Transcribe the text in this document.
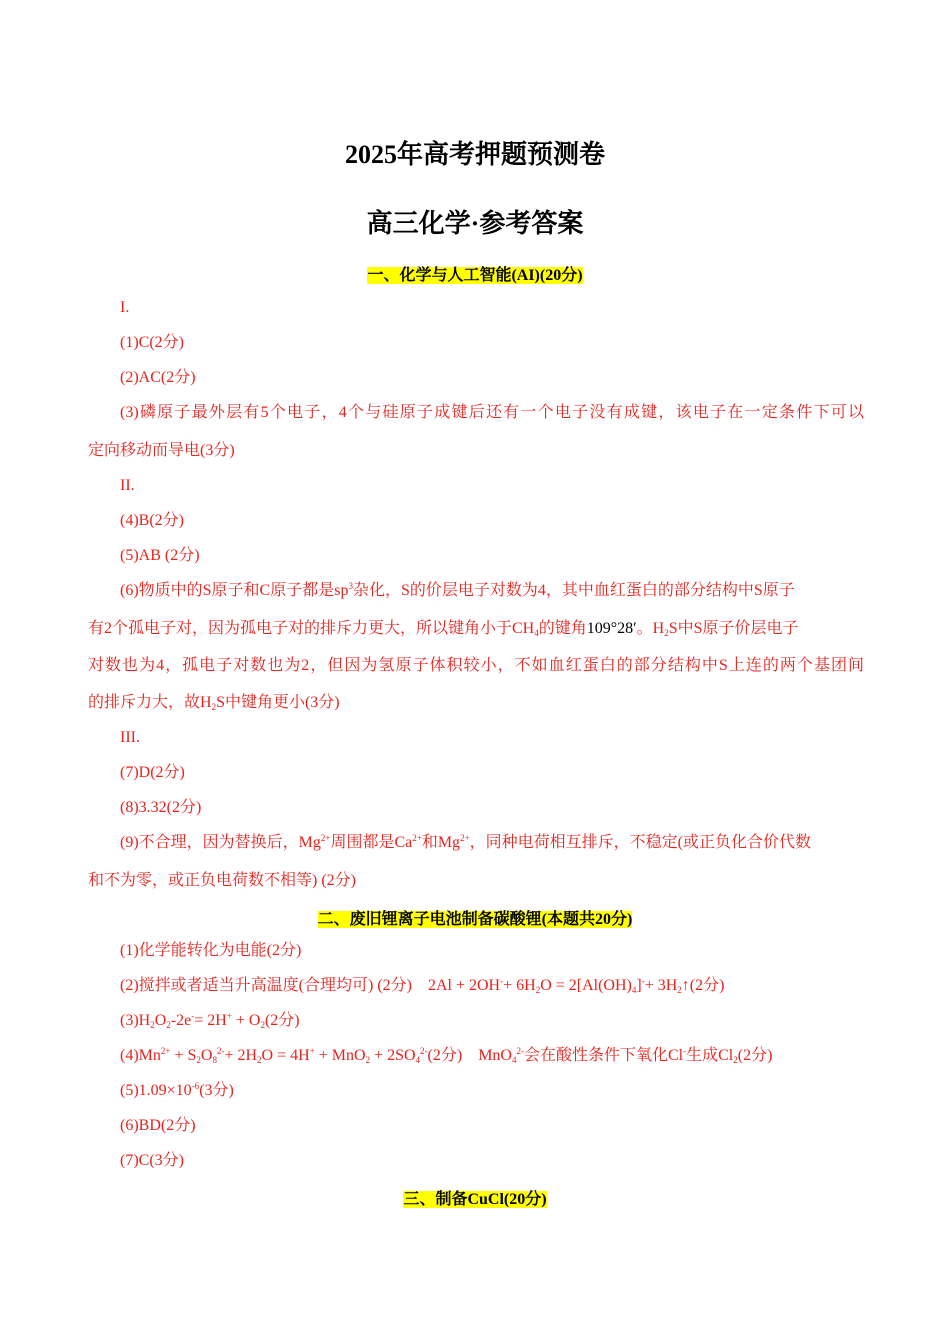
2025年高考押题预测卷
高三化学·参考答案
一、化学与人工智能(AI)(20分)
I.
(1)C(2分)
(2)AC(2分)
(3)磷原子最外层有5个电子，4个与硅原子成键后还有一个电子没有成键，该电子在一定条件下可以
定向移动而导电(3分)
II.
(4)B(2分)
(5)AB (2分)
(6)物质中的S原子和C原子都是$sp^3$杂化，S的价层电子对数为4，其中血红蛋白的部分结构中S原子
有2个孤电子对，因为孤电子对的排斥力更大，所以键角小于$CH_4$的键角109°28′。$H_2S$中S原子价层电子
对数也为4，孤电子对数也为2，但因为氢原子体积较小，不如血红蛋白的部分结构中S上连的两个基团间
的排斥力大，故$H_2S$中键角更小(3分)
III.
(7)D(2分)
(8)3.32(2分)
(9)不合理，因为替换后，$Mg^{2+}$周围都是$Ca^{2+}$和$Mg^{2+}$，同种电荷相互排斥，不稳定(或正负化合价代数
和不为零，或正负电荷数不相等) (2分)
二、废旧锂离子电池制备碳酸锂(本题共20分)
(1)化学能转化为电能(2分)
(2)搅拌或者适当升高温度(合理均可) (2分)    $2Al + 2OH^-+ 6H_2O = 2[Al(OH)_4]^-+$ $3H_2↑(2$分)
$(3)H_2O_2-2e^-= 2H^+ + O_2(2$分)
$(4)Mn^{2+} + S_2O_8^{2-}+ 2H_2O = 4H^+ + MnO_2 + 2SO_4^{2-}(2$分)    MnO$_4^{2-}$会在酸性条件下氧化Cl-生成$Cl_2(2$分)
$(5)1.09\times 10^{-6}(3$分)
(6)BD(2分)
(7)C(3分)
三、制备CuCl(20分)
